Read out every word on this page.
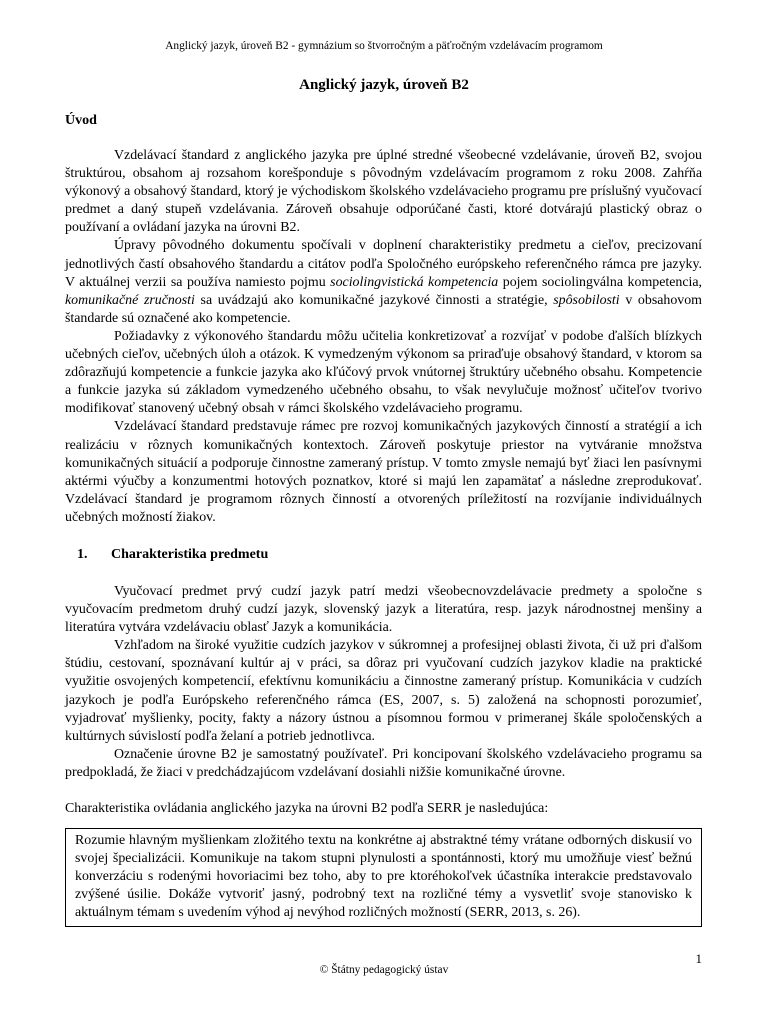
Anglický jazyk, úroveň B2 - gymnázium so štvorročným a päťročným vzdelávacím programom
Anglický jazyk, úroveň B2
Úvod

Vzdelávací štandard z anglického jazyka pre úplné stredné všeobecné vzdelávanie, úroveň B2, svojou štruktúrou, obsahom aj rozsahom korešponduje s pôvodným vzdelávacím programom z roku 2008. Zahŕňa výkonový a obsahový štandard, ktorý je východiskom školského vzdelávacieho programu pre príslušný vyučovací predmet a daný stupeň vzdelávania. Zároveň obsahuje odporúčané časti, ktoré dotvárajú plastický obraz o používaní a ovládaní jazyka na úrovni B2.

Úpravy pôvodného dokumentu spočívali v doplnení charakteristiky predmetu a cieľov, precizovaní jednotlivých častí obsahového štandardu a citátov podľa Spoločného európskeho referenčného rámca pre jazyky. V aktuálnej verzii sa používa namiesto pojmu sociolingvistická kompetencia pojem sociolingválna kompetencia, komunikačné zručnosti sa uvádzajú ako komunikačné jazykové činnosti a stratégie, spôsobilosti v obsahovom štandarde sú označené ako kompetencie.

Požiadavky z výkonového štandardu môžu učitelia konkretizovať a rozvíjať v podobe ďalších blízkych učebných cieľov, učebných úloh a otázok. K vymedzeným výkonom sa priraďuje obsahový štandard, v ktorom sa zdôrazňujú kompetencie a funkcie jazyka ako kľúčový prvok vnútornej štruktúry učebného obsahu. Kompetencie a funkcie jazyka sú základom vymedzeného učebného obsahu, to však nevylučuje možnosť učiteľov tvorivo modifikovať stanovený učebný obsah v rámci školského vzdelávacieho programu.

Vzdelávací štandard predstavuje rámec pre rozvoj komunikačných jazykových činností a stratégií a ich realizáciu v rôznych komunikačných kontextoch. Zároveň poskytuje priestor na vytváranie množstva komunikačných situácií a podporuje činnostne zameraný prístup. V tomto zmysle nemajú byť žiaci len pasívnymi aktérmi výučby a konzumentmi hotových poznatkov, ktoré si majú len zapamätať a následne zreprodukovať. Vzdelávací štandard je programom rôznych činností a otvorených príležitostí na rozvíjanie individuálnych učebných možností žiakov.

1. Charakteristika predmetu

Vyučovací predmet prvý cudzí jazyk patrí medzi všeobecnovzdelávacie predmety a spoločne s vyučovacím predmetom druhý cudzí jazyk, slovenský jazyk a literatúra, resp. jazyk národnostnej menšiny a literatúra vytvára vzdelávaciu oblasť Jazyk a komunikácia.

Vzhľadom na široké využitie cudzích jazykov v súkromnej a profesijnej oblasti života, či už pri ďalšom štúdiu, cestovaní, spoznávaní kultúr aj v práci, sa dôraz pri vyučovaní cudzích jazykov kladie na praktické využitie osvojených kompetencií, efektívnu komunikáciu a činnostne zameraný prístup. Komunikácia v cudzích jazykoch je podľa Európskeho referenčného rámca (ES, 2007, s. 5) založená na schopnosti porozumieť, vyjadrovať myšlienky, pocity, fakty a názory ústnou a písomnou formou v primeranej škále spoločenských a kultúrnych súvislostí podľa želaní a potrieb jednotlivca.

Označenie úrovne B2 je samostatný používateľ. Pri koncipovaní školského vzdelávacieho programu sa predpokladá, že žiaci v predchádzajúcom vzdelávaní dosiahli nižšie komunikačné úrovne.

Charakteristika ovládania anglického jazyka na úrovni B2 podľa SERR je nasledujúca:

Rozumie hlavným myšlienkam zložitého textu na konkrétne aj abstraktné témy vrátane odborných diskusií vo svojej špecializácii. Komunikuje na takom stupni plynulosti a spontánnosti, ktorý mu umožňuje viesť bežnú konverzáciu s rodenými hovoriacimi bez toho, aby to pre ktoréhokoľvek účastníka interakcie predstavovalo zvýšené úsilie. Dokáže vytvoriť jasný, podrobný text na rozličné témy a vysvetliť svoje stanovisko k aktuálnym témam s uvedením výhod aj nevýhod rozličných možností (SERR, 2013, s. 26).
1
© Štátny pedagogický ústav
